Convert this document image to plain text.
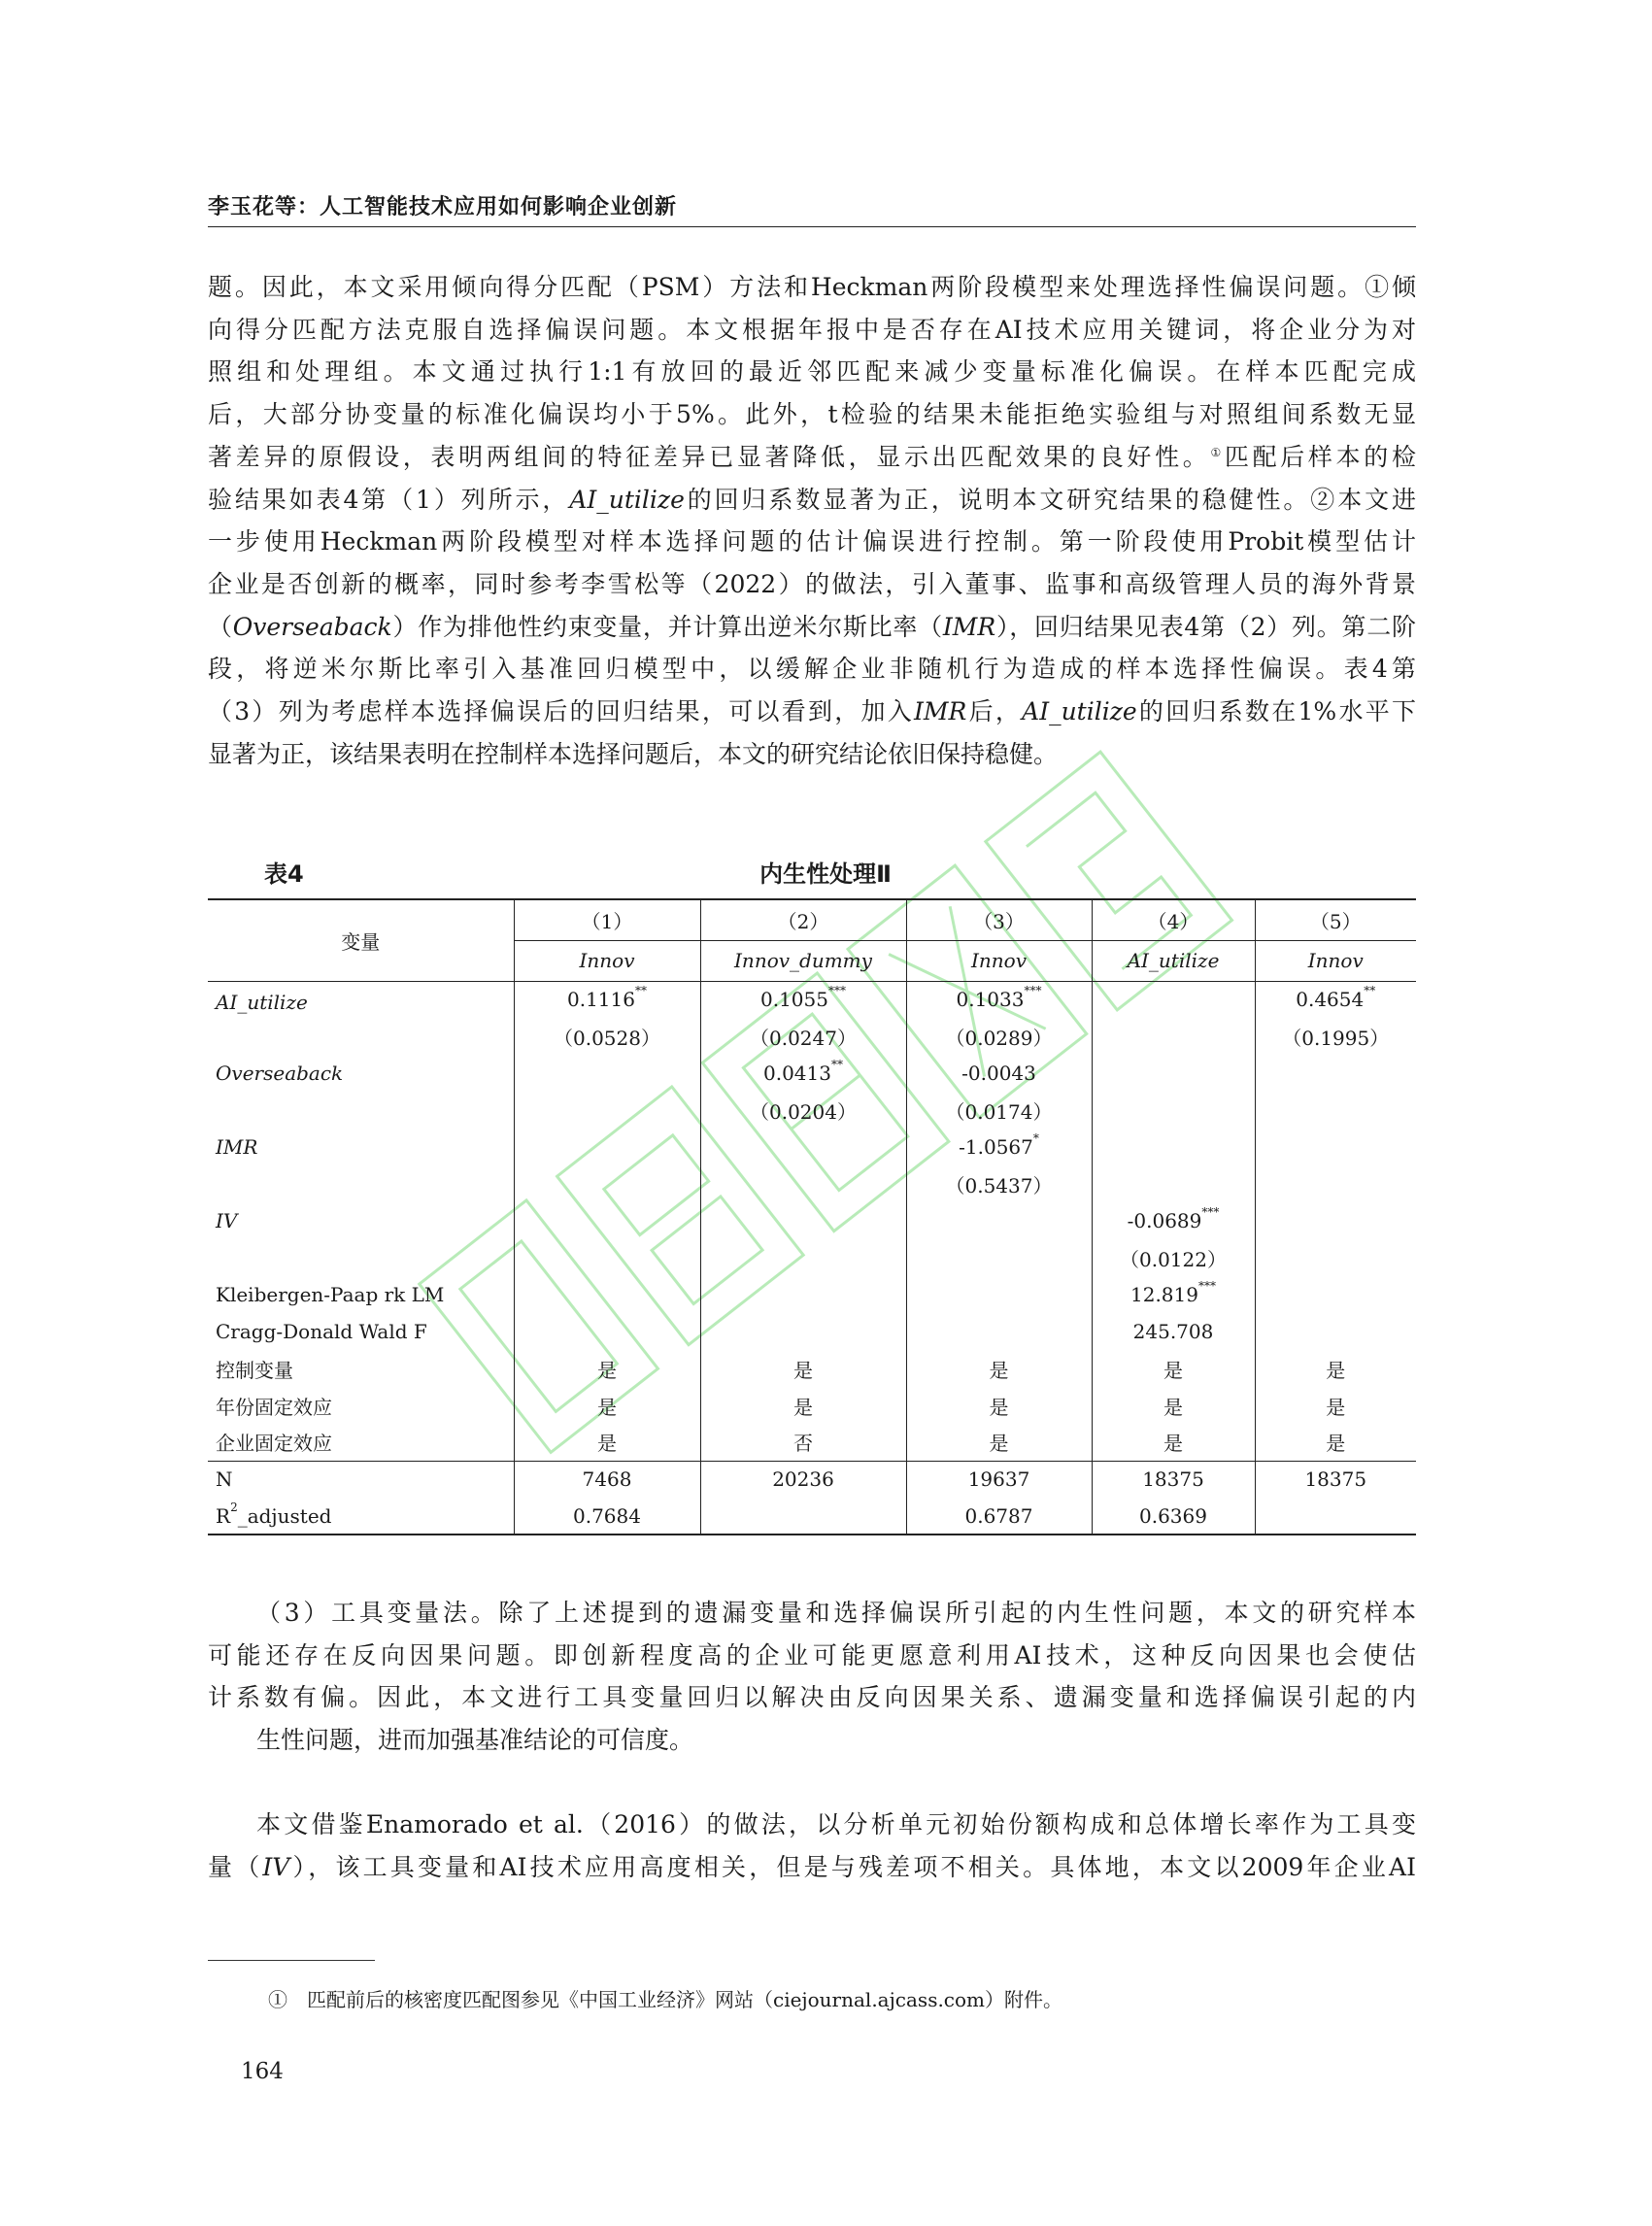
李玉花等：人工智能技术应用如何影响企业创新
题。因此，本文采用倾向得分匹配（PSM）方法和Heckman两阶段模型来处理选择性偏误问题。①倾
向得分匹配方法克服自选择偏误问题。本文根据年报中是否存在AI技术应用关键词，将企业分为对
照组和处理组。本文通过执行1:1有放回的最近邻匹配来减少变量标准化偏误。在样本匹配完成
后，大部分协变量的标准化偏误均小于5%。此外，t检验的结果未能拒绝实验组与对照组间系数无显
著差异的原假设，表明两组间的特征差异已显著降低，显示出匹配效果的良好性。①匹配后样本的检
验结果如表4第（1）列所示，AI_utilize的回归系数显著为正，说明本文研究结果的稳健性。②本文进
一步使用Heckman两阶段模型对样本选择问题的估计偏误进行控制。第一阶段使用Probit模型估计
企业是否创新的概率，同时参考李雪松等（2022）的做法，引入董事、监事和高级管理人员的海外背景
（Overseaback）作为排他性约束变量，并计算出逆米尔斯比率（IMR），回归结果见表4第（2）列。第二阶
段，将逆米尔斯比率引入基准回归模型中，以缓解企业非随机行为造成的样本选择性偏误。表4第
（3）列为考虑样本选择偏误后的回归结果，可以看到，加入IMR后，AI_utilize的回归系数在1%水平下
显著为正，该结果表明在控制样本选择问题后，本文的研究结论依旧保持稳健。
表4	内生性处理Ⅱ
变量	（1）	（2）	（3）	（4）	（5）
	Innov	Innov_dummy	Innov	AI_utilize	Innov
AI_utilize	0.1116**	0.1055***	0.1033***		0.4654**
	（0.0528）	（0.0247）	（0.0289）		（0.1995）
Overseaback		0.0413**	-0.0043		
		（0.0204）	（0.0174）		
IMR			-1.0567*		
			（0.5437）		
IV				-0.0689***	
				（0.0122）	
Kleibergen-Paap rk LM				12.819***	
Cragg-Donald Wald F				245.708	
控制变量	是	是	是	是	是
年份固定效应	是	是	是	是	是
企业固定效应	是	否	是	是	是
N	7468	20236	19637	18375	18375
$R^2\_adjusted$	0.7684		0.6787	0.6369	
①　匹配前后的核密度匹配图参见《中国工业经济》网站（ciejournal.ajcass.com）附件。
164
（3）工具变量法。除了上述提到的遗漏变量和选择偏误所引起的内生性问题，本文的研究样本
可能还存在反向因果问题。即创新程度高的企业可能更愿意利用AI技术，这种反向因果也会使估
计系数有偏。因此，本文进行工具变量回归以解决由反向因果关系、遗漏变量和选择偏误引起的内
生性问题，进而加强基准结论的可信度。
本文借鉴Enamorado et al.（2016）的做法，以分析单元初始份额构成和总体增长率作为工具变
量（IV），该工具变量和AI技术应用高度相关，但是与残差项不相关。具体地，本文以2009年企业AI
